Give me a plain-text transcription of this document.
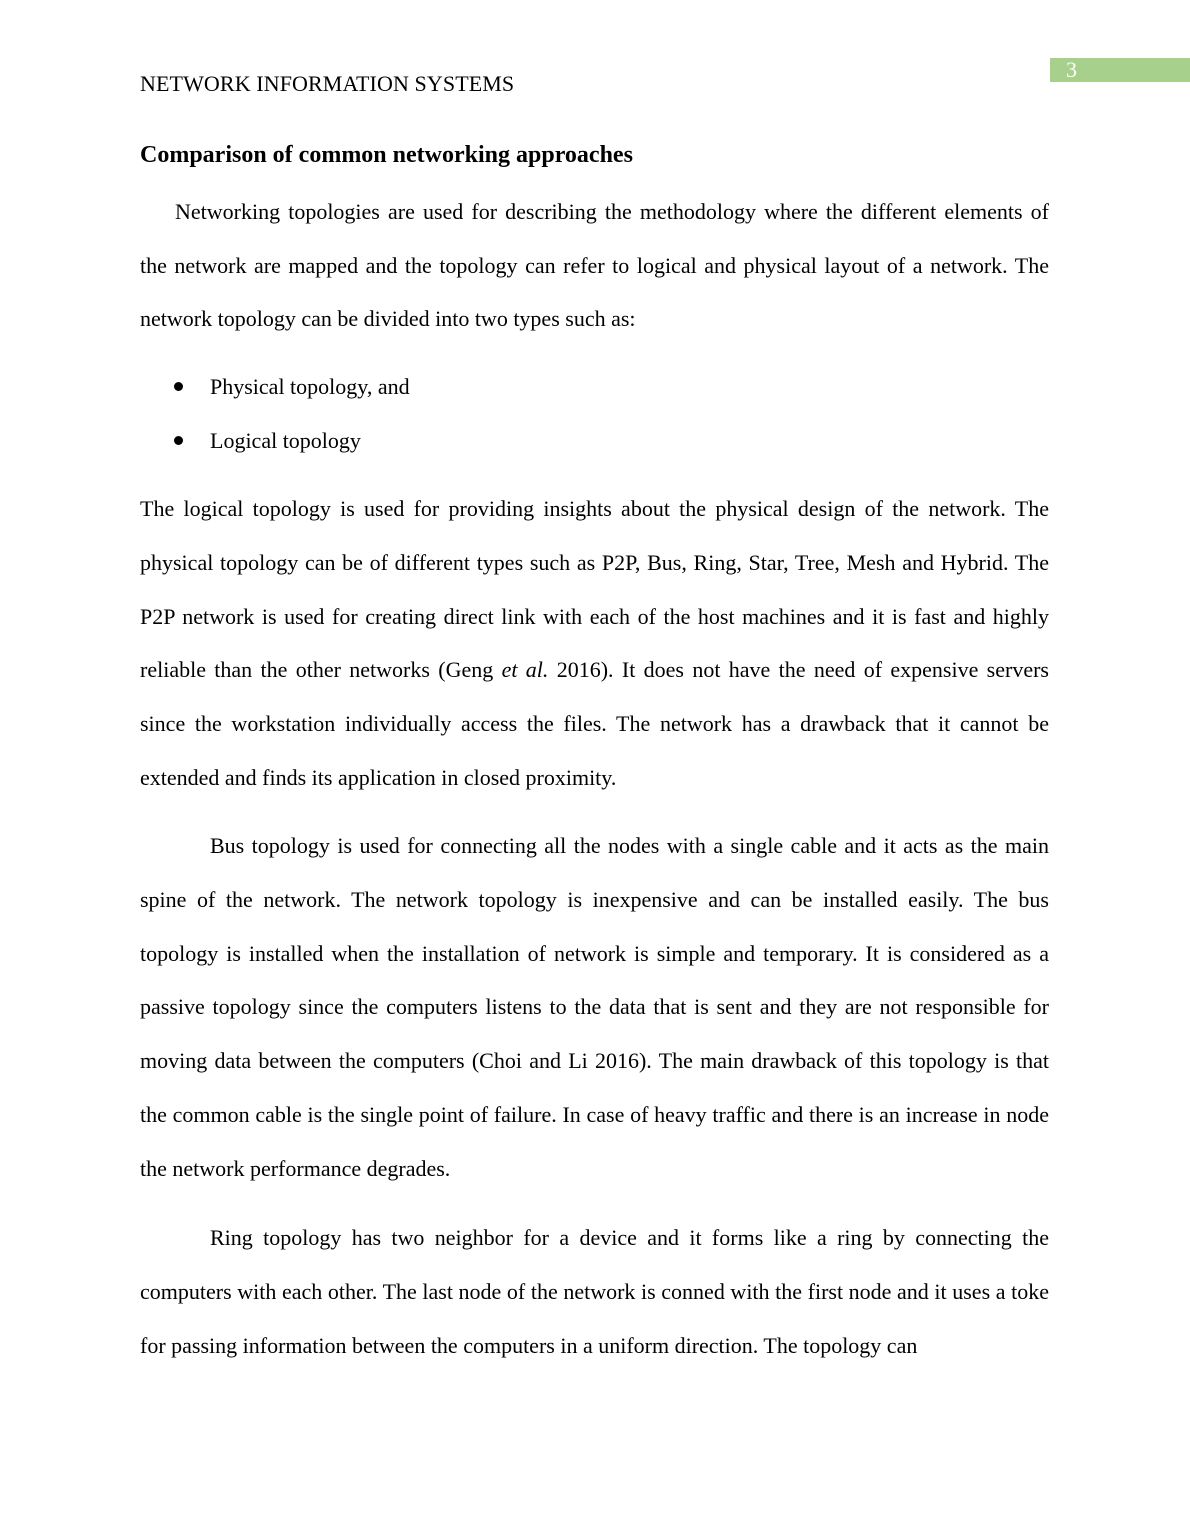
3
NETWORK INFORMATION SYSTEMS
Comparison of common networking approaches

Networking topologies are used for describing the methodology where the different elements of the network are mapped and the topology can refer to logical and physical layout of a network. The network topology can be divided into two types such as:

Physical topology, and
Logical topology

The logical topology is used for providing insights about the physical design of the network. The physical topology can be of different types such as P2P, Bus, Ring, Star, Tree, Mesh and Hybrid. The P2P network is used for creating direct link with each of the host machines and it is fast and highly reliable than the other networks (Geng et al. 2016). It does not have the need of expensive servers since the workstation individually access the files. The network has a drawback that it cannot be extended and finds its application in closed proximity.

Bus topology is used for connecting all the nodes with a single cable and it acts as the main spine of the network. The network topology is inexpensive and can be installed easily. The bus topology is installed when the installation of network is simple and temporary. It is considered as a passive topology since the computers listens to the data that is sent and they are not responsible for moving data between the computers (Choi and Li 2016). The main drawback of this topology is that the common cable is the single point of failure. In case of heavy traffic and there is an increase in node the network performance degrades.

Ring topology has two neighbor for a device and it forms like a ring by connecting the computers with each other. The last node of the network is conned with the first node and it uses a toke for passing information between the computers in a uniform direction. The topology can
